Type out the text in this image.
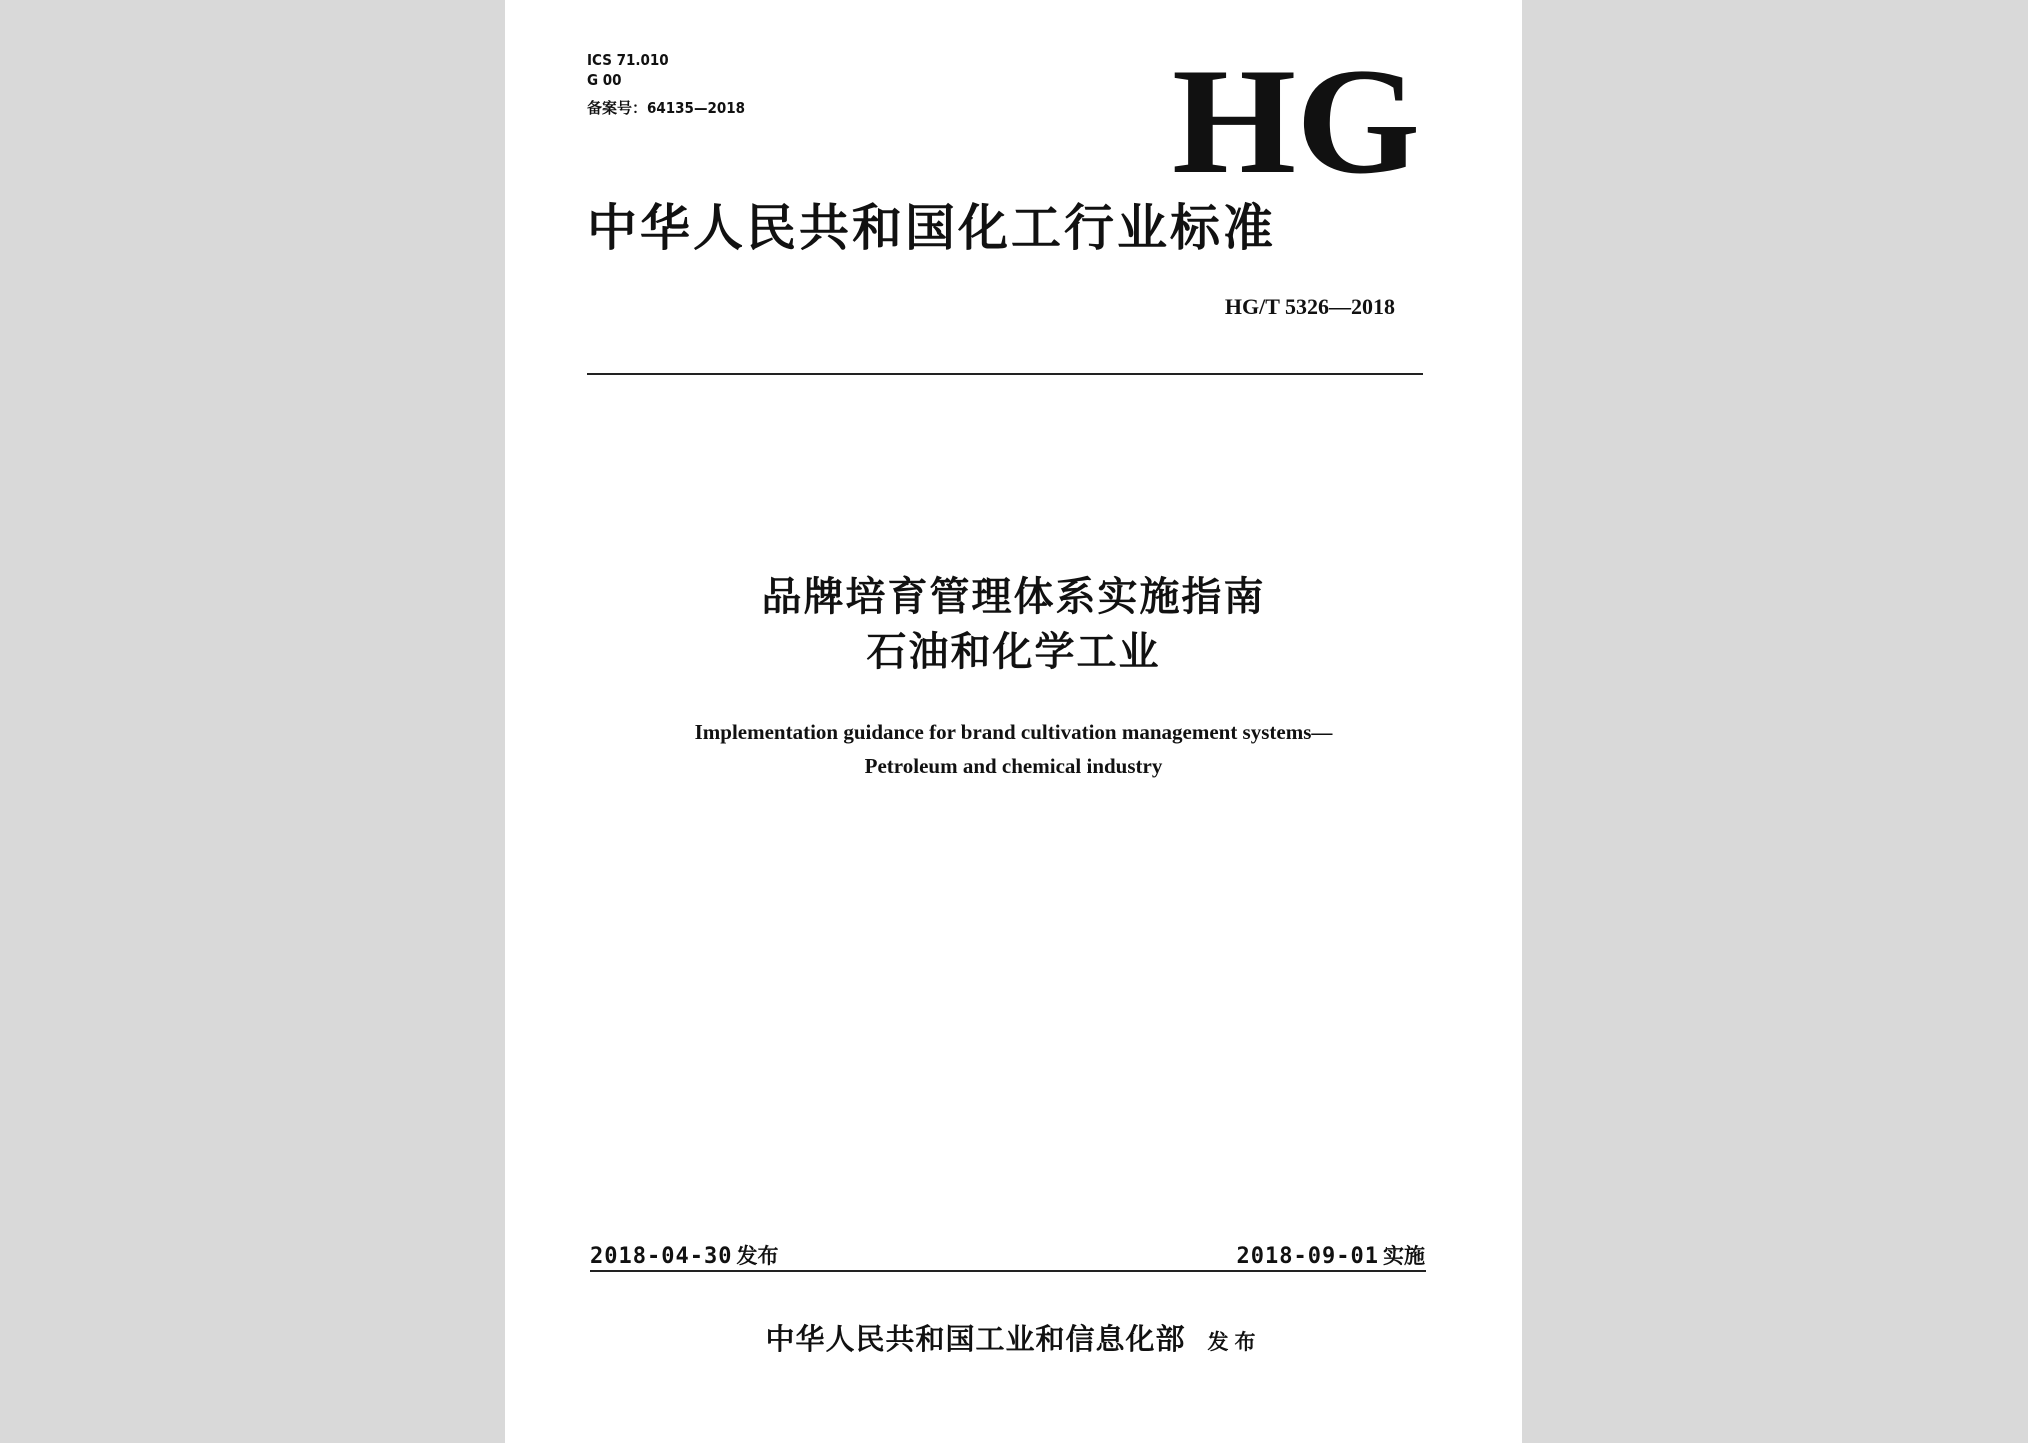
ICS 71.010
G 00
备案号：64135—2018	HG
中华人民共和国化工行业标准
HG/T 5326—2018
品牌培育管理体系实施指南
石油和化学工业
Implementation guidance for brand cultivation management systems—
Petroleum and chemical industry
2018-04-30 发布	2018-09-01 实施
中华人民共和国工业和信息化部 发布
